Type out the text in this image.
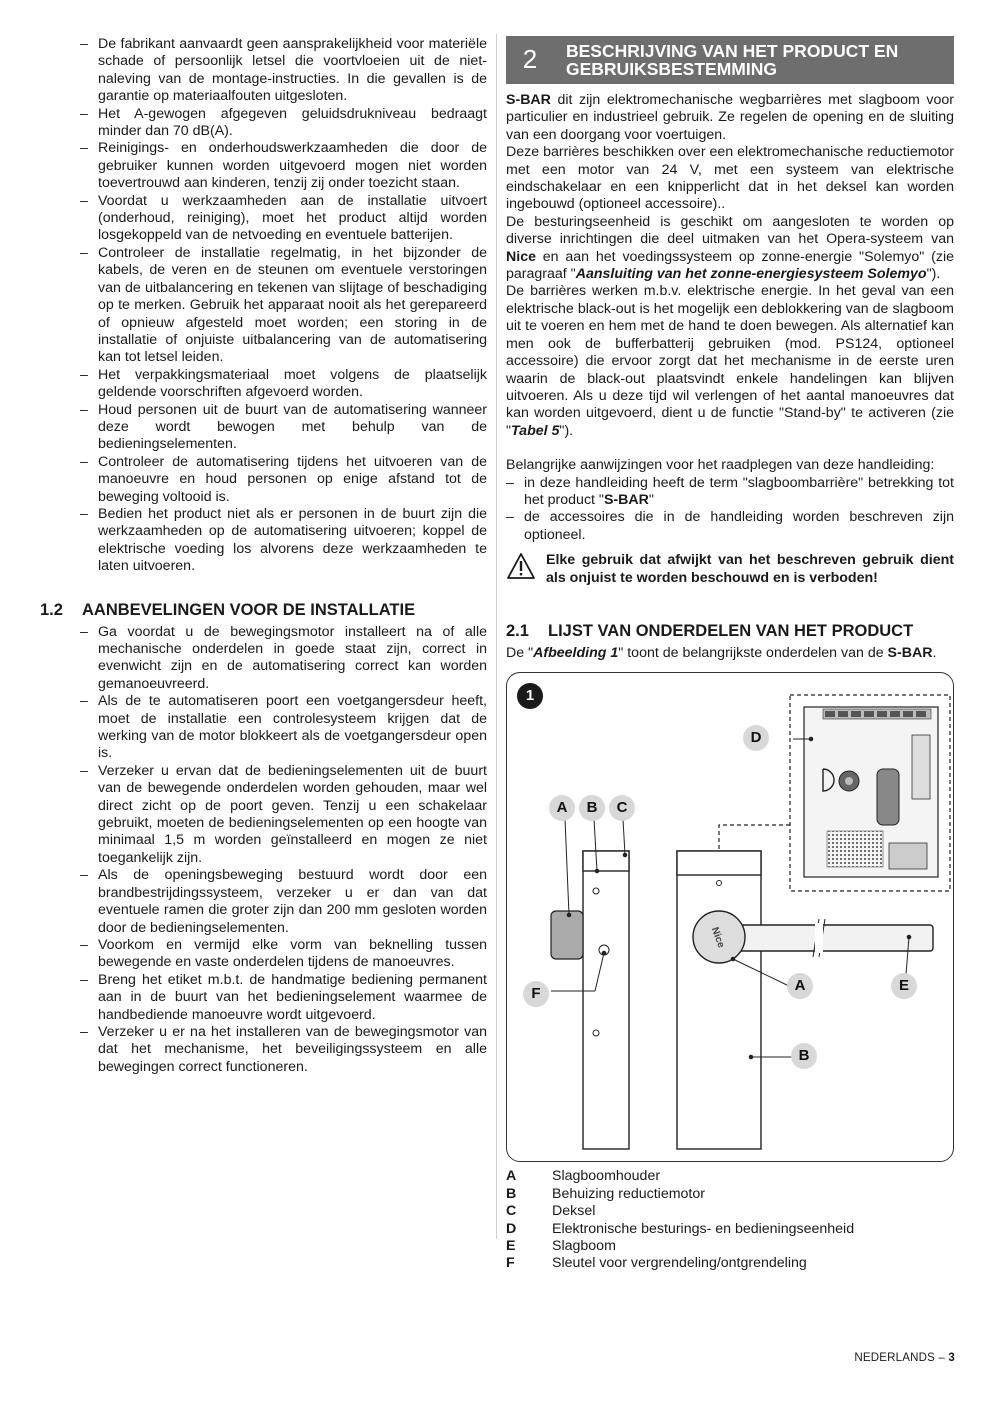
– De fabrikant aanvaardt geen aansprakelijkheid voor materiële schade of persoonlijk letsel die voortvloeien uit de niet-naleving van de montage-instructies. In die gevallen is de garantie op materiaalfouten uitgesloten.
– Het A-gewogen afgegeven geluidsdrukniveau bedraagt minder dan 70 dB(A).
– Reinigings- en onderhoudswerkzaamheden die door de gebruiker kunnen worden uitgevoerd mogen niet worden toevertrouwd aan kinderen, tenzij zij onder toezicht staan.
– Voordat u werkzaamheden aan de installatie uitvoert (onderhoud, reiniging), moet het product altijd worden losgekoppeld van de netvoeding en eventuele batterijen.
– Controleer de installatie regelmatig, in het bijzonder de kabels, de veren en de steunen om eventuele verstoringen van de uitbalancering en tekenen van slijtage of beschadiging op te merken. Gebruik het apparaat nooit als het gerepareerd of opnieuw afgesteld moet worden; een storing in de installatie of onjuiste uitbalancering van de automatisering kan tot letsel leiden.
– Het verpakkingsmateriaal moet volgens de plaatselijk geldende voorschriften afgevoerd worden.
– Houd personen uit de buurt van de automatisering wanneer deze wordt bewogen met behulp van de bedieningselementen.
– Controleer de automatisering tijdens het uitvoeren van de manoeuvre en houd personen op enige afstand tot de beweging voltooid is.
– Bedien het product niet als er personen in de buurt zijn die werkzaamheden op de automatisering uitvoeren; koppel de elektrische voeding los alvorens deze werkzaamheden te laten uitvoeren.
1.2	AANBEVELINGEN VOOR DE INSTALLATIE
– Ga voordat u de bewegingsmotor installeert na of alle mechanische onderdelen in goede staat zijn, correct in evenwicht zijn en de automatisering correct kan worden gemanoeuvreerd.
– Als de te automatiseren poort een voetgangersdeur heeft, moet de installatie een controlesysteem krijgen dat de werking van de motor blokkeert als de voetgangersdeur open is.
– Verzeker u ervan dat de bedieningselementen uit de buurt van de bewegende onderdelen worden gehouden, maar wel direct zicht op de poort geven. Tenzij u een schakelaar gebruikt, moeten de bedieningselementen op een hoogte van minimaal 1,5 m worden geïnstalleerd en mogen ze niet toegankelijk zijn.
– Als de openingsbeweging bestuurd wordt door een brandbestrijdingssysteem, verzeker u er dan van dat eventuele ramen die groter zijn dan 200 mm gesloten worden door de bedieningselementen.
– Voorkom en vermijd elke vorm van beknelling tussen bewegende en vaste onderdelen tijdens de manoeuvres.
– Breng het etiket m.b.t. de handmatige bediening permanent aan in de buurt van het bedieningselement waarmee de handbediende manoeuvre wordt uitgevoerd.
– Verzeker u er na het installeren van de bewegingsmotor van dat het mechanisme, het beveiligingssysteem en alle bewegingen correct functioneren.
2	BESCHRIJVING VAN HET PRODUCT EN
GEBRUIKSBESTEMMING

S-BAR dit zijn elektromechanische wegbarrières met slagboom voor particulier en industrieel gebruik. Ze regelen de opening en de sluiting van een doorgang voor voertuigen.

Deze barrières beschikken over een elektromechanische reductiemotor met een motor van 24 V, met een systeem van elektrische eindschakelaar en een knipperlicht dat in het deksel kan worden ingebouwd (optioneel accessoire)..

De besturingseenheid is geschikt om aangesloten te worden op diverse inrichtingen die deel uitmaken van het Opera-systeem van Nice en aan het voedingssysteem op zonne-energie "Solemyo" (zie paragraaf "Aansluiting van het zonne-energiesysteem Solemyo").

De barrières werken m.b.v. elektrische energie. In het geval van een elektrische black-out is het mogelijk een deblokkering van de slagboom uit te voeren en hem met de hand te doen bewegen. Als alternatief kan men ook de bufferbatterij gebruiken (mod. PS124, optioneel accessoire) die ervoor zorgt dat het mechanisme in de eerste uren waarin de black-out plaatsvindt enkele handelingen kan blijven uitvoeren. Als u deze tijd wil verlengen of het aantal manoeuvres dat kan worden uitgevoerd, dient u de functie "Stand-by" te activeren (zie "Tabel 5").

Belangrijke aanwijzingen voor het raadplegen van deze handleiding:

– in deze handleiding heeft de term "slagboombarrière" betrekking tot het product "S-BAR"
– de accessoires die in de handleiding worden beschreven zijn optioneel.

Elke gebruik dat afwijkt van het beschreven gebruik dient als onjuist te worden beschouwd en is verboden!

2.1	LIJST VAN ONDERDELEN VAN HET PRODUCT

De "Afbeelding 1" toont de belangrijkste onderdelen van de S-BAR.

1
Nice
A	B	C
D
E
F	A
B
A	Slagboomhouder
B	Behuizing reductiemotor
C	Deksel
D	Elektronische besturings- en bedieningseenheid
E	Slagboom
F	Sleutel voor vergrendeling/ontgrendeling
NEDERLANDS – 3
